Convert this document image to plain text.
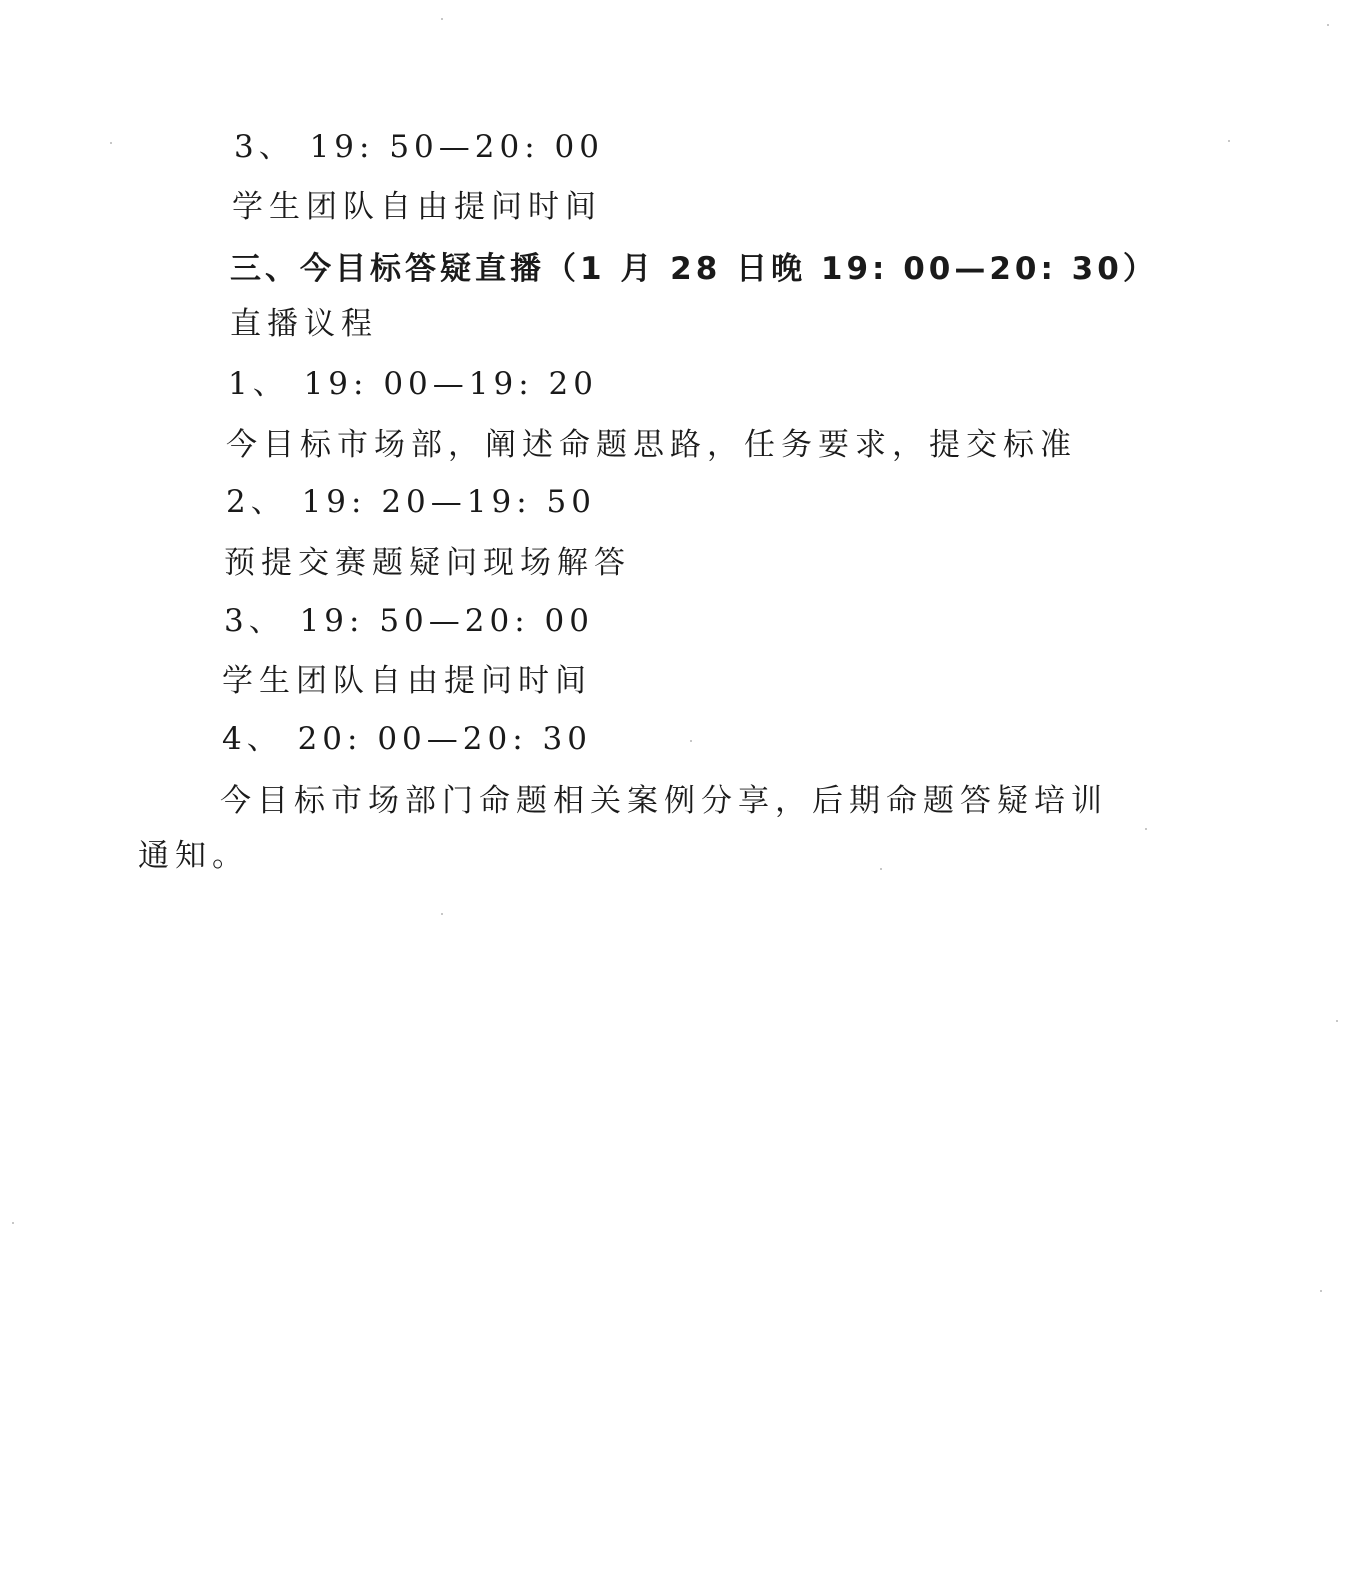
3、 19: 50—20: 00
学生团队自由提问时间
三、今目标答疑直播（1 月 28 日晚 19: 00—20: 30）
直播议程
1、 19: 00—19: 20
今目标市场部，阐述命题思路，任务要求，提交标准
2、 19: 20—19: 50
预提交赛题疑问现场解答
3、 19: 50—20: 00
学生团队自由提问时间
4、 20: 00—20: 30
今目标市场部门命题相关案例分享，后期命题答疑培训
通知。
